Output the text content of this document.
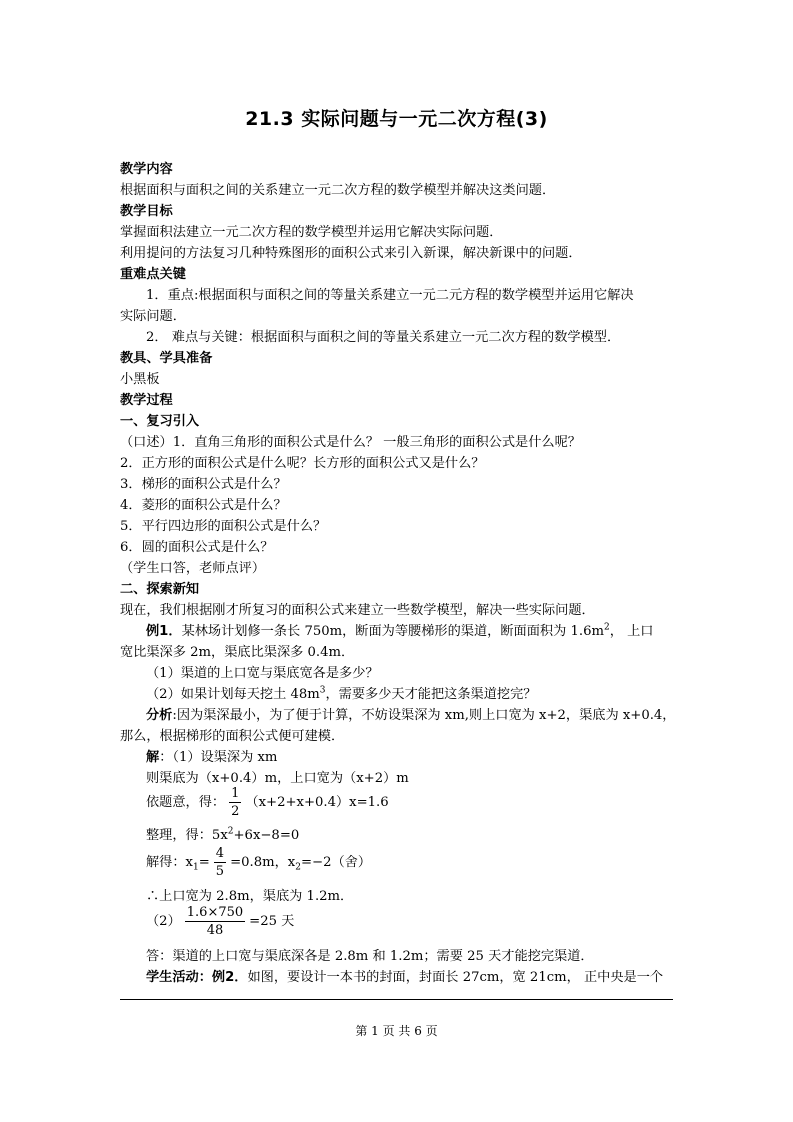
21.3 实际问题与一元二次方程(3)
教学内容
根据面积与面积之间的关系建立一元二次方程的数学模型并解决这类问题．
教学目标
掌握面积法建立一元二次方程的数学模型并运用它解决实际问题．
利用提问的方法复习几种特殊图形的面积公式来引入新课，解决新课中的问题．
重难点关键
1．重点:根据面积与面积之间的等量关系建立一元二元方程的数学模型并运用它解决
实际问题．
2． 难点与关键：根据面积与面积之间的等量关系建立一元二次方程的数学模型．
教具、学具准备
小黑板
教学过程
一、复习引入
（口述）1．直角三角形的面积公式是什么？ 一般三角形的面积公式是什么呢？
2．正方形的面积公式是什么呢？长方形的面积公式又是什么？
3．梯形的面积公式是什么？
4．菱形的面积公式是什么？
5．平行四边形的面积公式是什么？
6．圆的面积公式是什么？
（学生口答，老师点评）
二、探索新知
现在，我们根据刚才所复习的面积公式来建立一些数学模型，解决一些实际问题．
例1．某林场计划修一条长 750m，断面为等腰梯形的渠道，断面面积为 $1.6m^2$， 上口
宽比渠深多 2m，渠底比渠深多 0.4m．
（1）渠道的上口宽与渠底宽各是多少？
（2）如果计划每天挖土 $48m^3$，需要多少天才能把这条渠道挖完？
分析:因为渠深最小，为了便于计算，不妨设渠深为 xm,则上口宽为 x+2，渠底为 x+0.4，
那么，根据梯形的面积公式便可建模．
解：（1）设渠深为 xm
则渠底为（x+0.4）m，上口宽为（x+2）m
依题意，得： $\frac{1}{2} (x+2+x+0.4)x=1.6$
整理，得：$5x^2+6x-8=0$
解得：$x_1= \frac{4}{5} =0.8m$，$x_2=-2$（舍）
∴上口宽为 2.8m，渠底为 1.2m．
$(2) \frac{1.6\times 750}{48} =25$ 天
答：渠道的上口宽与渠底深各是 2.8m 和 1.2m；需要 25 天才能挖完渠道．
学生活动：例2．如图，要设计一本书的封面，封面长 27cm，宽 21cm， 正中央是一个
第 1 页 共 6 页
